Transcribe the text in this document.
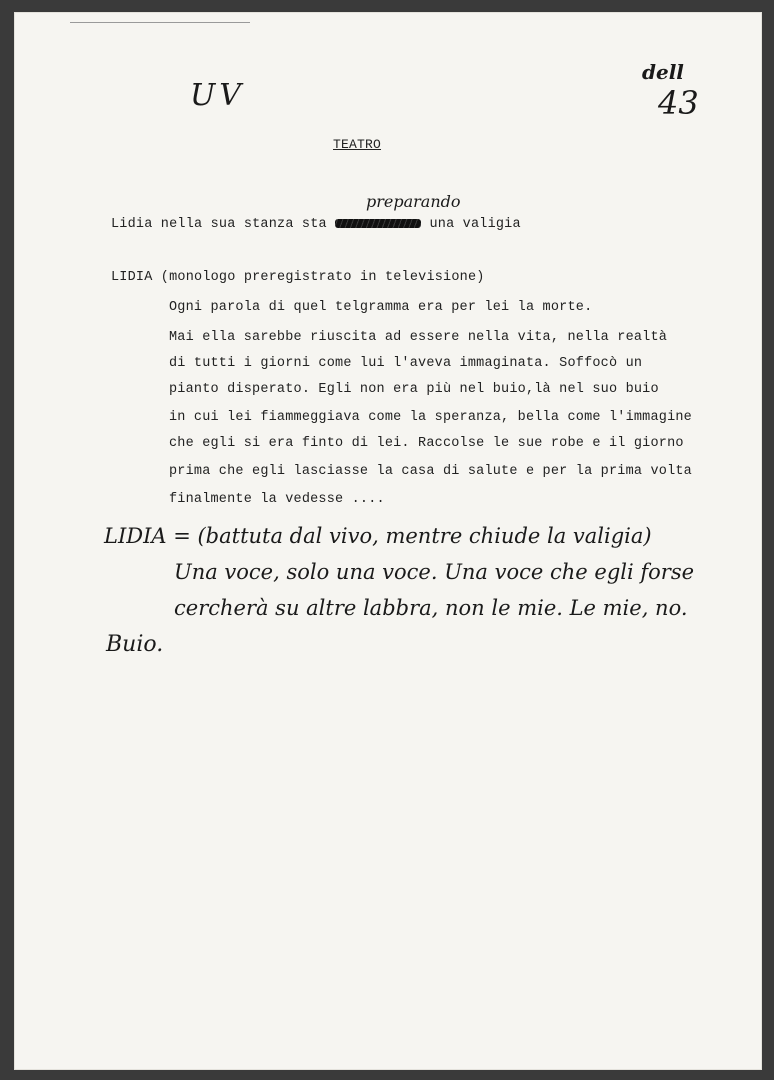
UV
dell
43
TEATRO
preparando
Lidia nella sua stanza sta	una valigia
LIDIA (monologo preregistrato in televisione)
Ogni parola di quel telgramma era per lei la morte.
Mai ella sarebbe riuscita ad essere nella vita, nella realtà
di tutti i giorni come lui l'aveva immaginata. Soffocò un
pianto disperato. Egli non era più nel buio,là nel suo buio
in cui lei fiammeggiava come la speranza, bella come l'immagine
che egli si era finto di lei. Raccolse le sue robe e il giorno
prima che egli lasciasse la casa di salute e per la prima volta
finalmente la vedesse ....
LIDIA = (battuta dal vivo, mentre chiude la valigia)
Una voce, solo una voce. Una voce che egli forse
cercherà su altre labbra, non le mie. Le mie, no.
Buio.
